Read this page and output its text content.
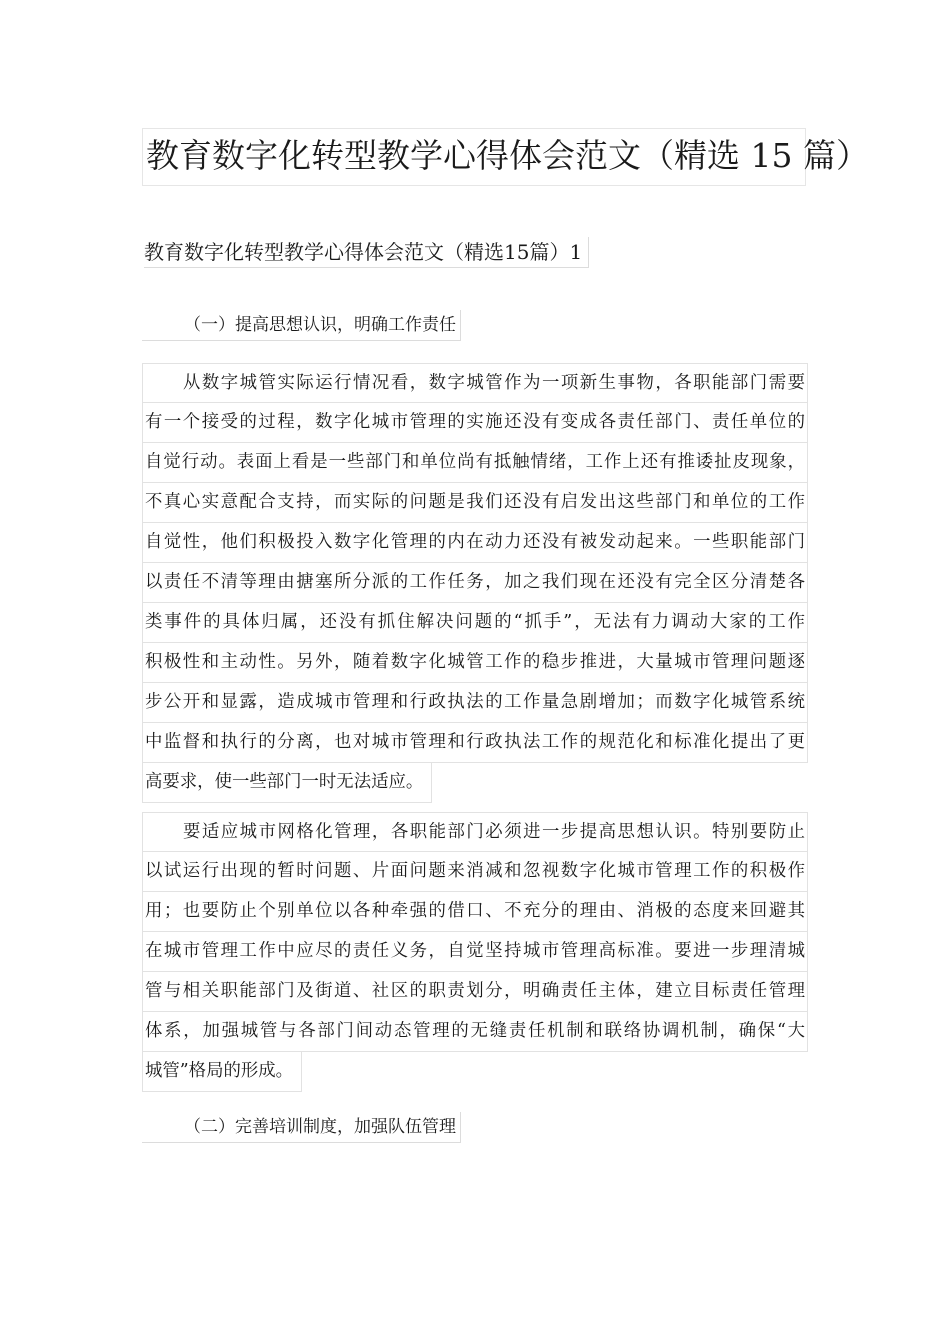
教育数字化转型教学心得体会范文（精选 15 篇）
教育数字化转型教学心得体会范文（精选15篇）1
（一）提高思想认识，明确工作责任
从数字城管实际运行情况看，数字城管作为一项新生事物，各职能部门需要
有一个接受的过程，数字化城市管理的实施还没有变成各责任部门、责任单位的
自觉行动。表面上看是一些部门和单位尚有抵触情绪，工作上还有推诿扯皮现象，
不真心实意配合支持，而实际的问题是我们还没有启发出这些部门和单位的工作
自觉性，他们积极投入数字化管理的内在动力还没有被发动起来。一些职能部门
以责任不清等理由搪塞所分派的工作任务，加之我们现在还没有完全区分清楚各
类事件的具体归属，还没有抓住解决问题的“抓手”，无法有力调动大家的工作
积极性和主动性。另外，随着数字化城管工作的稳步推进，大量城市管理问题逐
步公开和显露，造成城市管理和行政执法的工作量急剧增加；而数字化城管系统
中监督和执行的分离，也对城市管理和行政执法工作的规范化和标准化提出了更
高要求，使一些部门一时无法适应。
要适应城市网格化管理，各职能部门必须进一步提高思想认识。特别要防止
以试运行出现的暂时问题、片面问题来消减和忽视数字化城市管理工作的积极作
用；也要防止个别单位以各种牵强的借口、不充分的理由、消极的态度来回避其
在城市管理工作中应尽的责任义务，自觉坚持城市管理高标准。要进一步理清城
管与相关职能部门及街道、社区的职责划分，明确责任主体，建立目标责任管理
体系，加强城管与各部门间动态管理的无缝责任机制和联络协调机制，确保“大
城管”格局的形成。
（二）完善培训制度，加强队伍管理
